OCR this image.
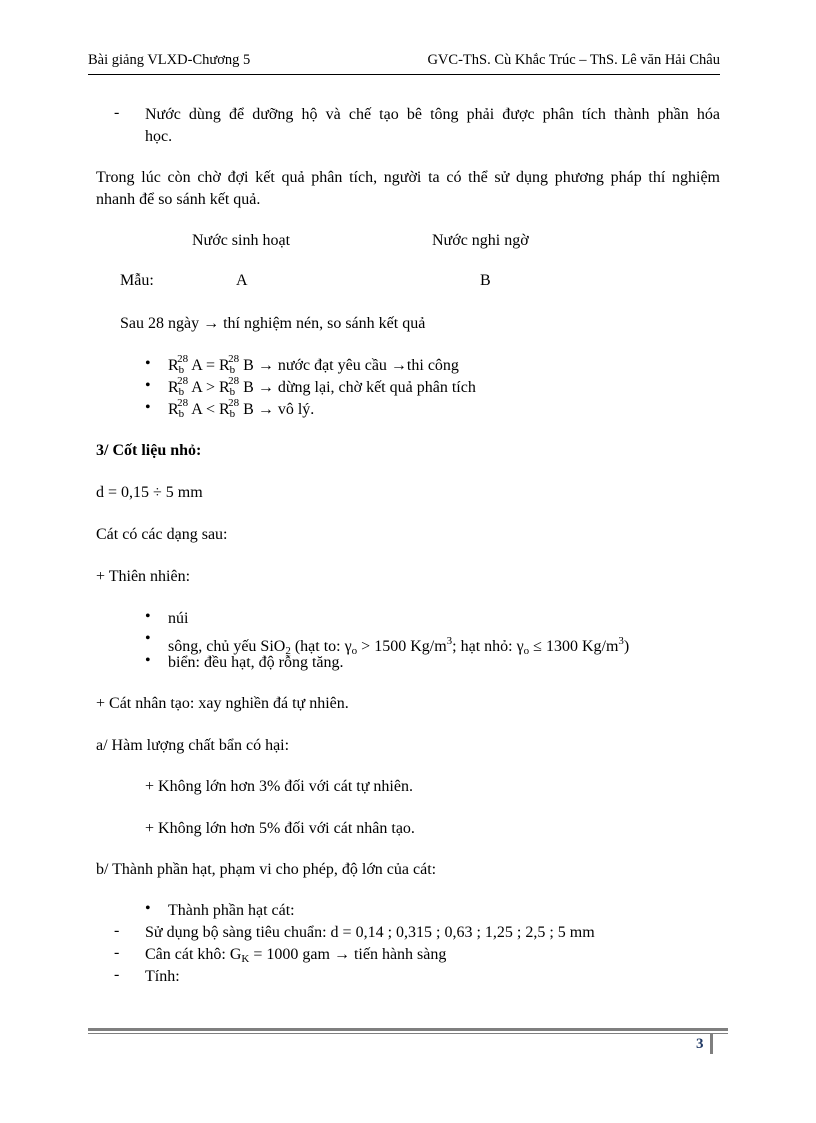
Bài giảng VLXD-Chương 5	GVC-ThS. Cù Khắc Trúc – ThS. Lê văn Hải Châu
- Nước dùng để dưỡng hộ và chế tạo bê tông phải được phân tích thành phần hóa
học.
Trong lúc còn chờ đợi kết quả phân tích, người ta có thể sử dụng phương pháp thí nghiệm
nhanh để so sánh kết quả.
Nước sinh hoạt	Nước nghi ngờ
Mẫu:	A	B
Sau 28 ngày → thí nghiệm nén, so sánh kết quả
• $R_b^{28}$ $A = R_b^{28}$ B → nước đạt yêu cầu →thi công
• $R_b^{28}$ $A > R_b^{28}$ B → dừng lại, chờ kết quả phân tích
• $R_b^{28}$ $A < R_b^{28}$ B → vô lý.
3/ Cốt liệu nhỏ:
d = 0,15 ÷ 5 mm
Cát có các dạng sau:
+ Thiên nhiên:
• núi
• sông, chủ yếu SiO$_2$ (hạt to: $\gamma_o > 1500$ $Kg/m^3$; hạt nhỏ: $\gamma_o \le 1300$ $Kg/m^3$)
• biển: đều hạt, độ rỗng tăng.
+ Cát nhân tạo: xay nghiền đá tự nhiên.
a/ Hàm lượng chất bẩn có hại:
+ Không lớn hơn 3% đối với cát tự nhiên.
+ Không lớn hơn 5% đối với cát nhân tạo.
b/ Thành phần hạt, phạm vi cho phép, độ lớn của cát:
• Thành phần hạt cát:
- Sử dụng bộ sàng tiêu chuẩn: d = 0,14 ; 0,315 ; 0,63 ; 1,25 ; 2,5 ; 5 mm
- Cân cát khô: $G_K = 1000$ gam → tiến hành sàng
- Tính:
3
